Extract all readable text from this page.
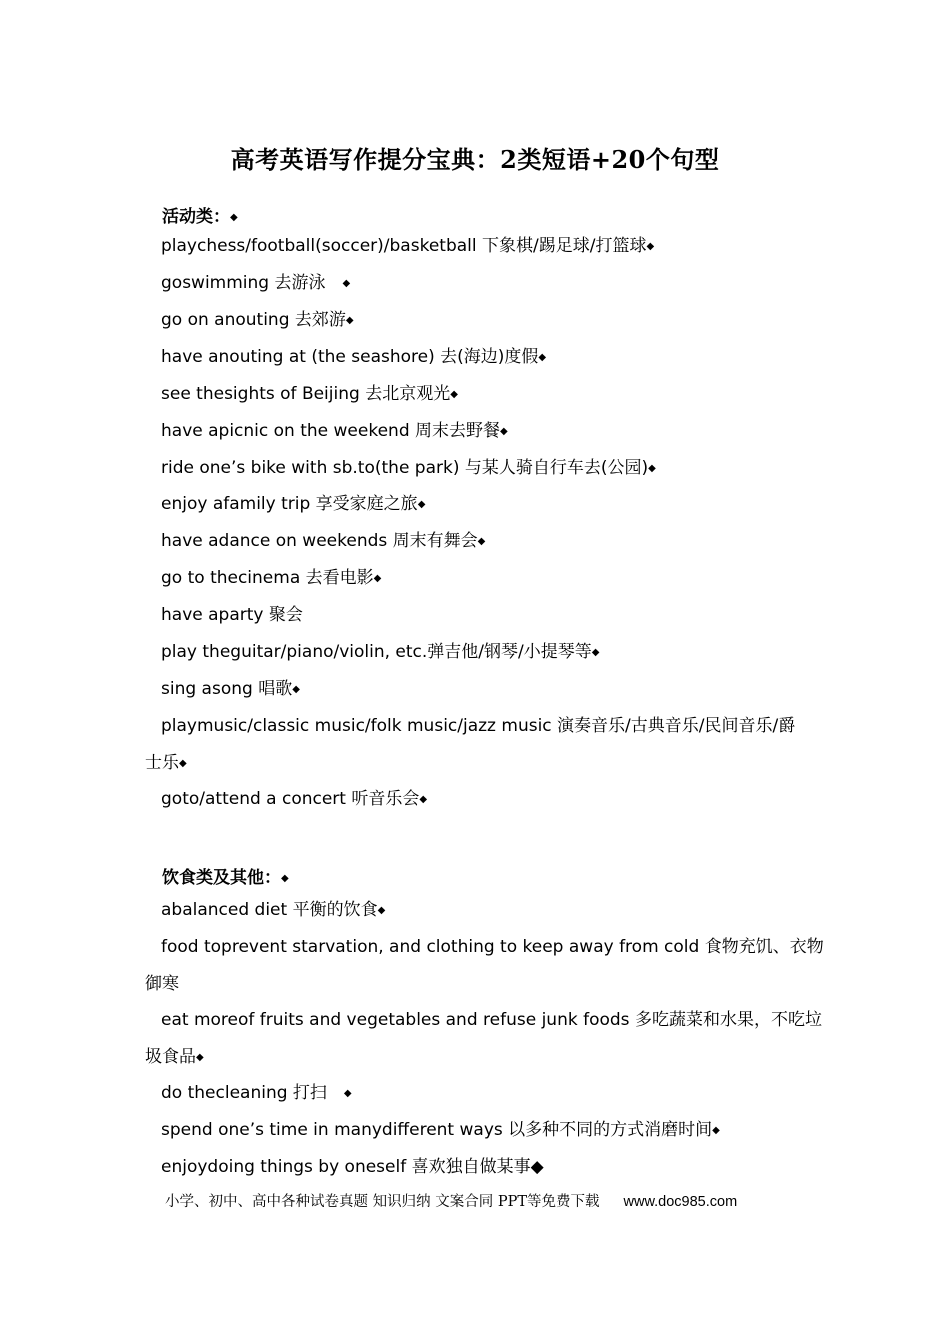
高考英语写作提分宝典：2类短语+20个句型
活动类：◆
playchess/football(soccer)/basketball 下象棋/踢足球/打篮球◆
goswimming 去游泳　◆
go on anouting 去郊游◆
have anouting at (the seashore) 去(海边)度假◆
see thesights of Beijing 去北京观光◆
have apicnic on the weekend 周末去野餐◆
ride one’s bike with sb.to(the park) 与某人骑自行车去(公园)◆
enjoy afamily trip 享受家庭之旅◆
have adance on weekends 周末有舞会◆
go to thecinema 去看电影◆
have aparty 聚会
play theguitar/piano/violin, etc.弹吉他/钢琴/小提琴等◆
sing asong 唱歌◆
playmusic/classic music/folk music/jazz music 演奏音乐/古典音乐/民间音乐/爵
士乐◆
goto/attend a concert 听音乐会◆
饮食类及其他：◆
abalanced diet 平衡的饮食◆
food toprevent starvation, and clothing to keep away from cold 食物充饥、衣物
御寒
eat moreof fruits and vegetables and refuse junk foods 多吃蔬菜和水果，不吃垃
圾食品◆
do thecleaning 打扫　◆
spend one’s time in manydifferent ways 以多种不同的方式消磨时间◆
enjoydoing things by oneself 喜欢独自做某事◆
小学、初中、高中各种试卷真题 知识归纳 文案合同 PPT等免费下载 www.doc985.com
